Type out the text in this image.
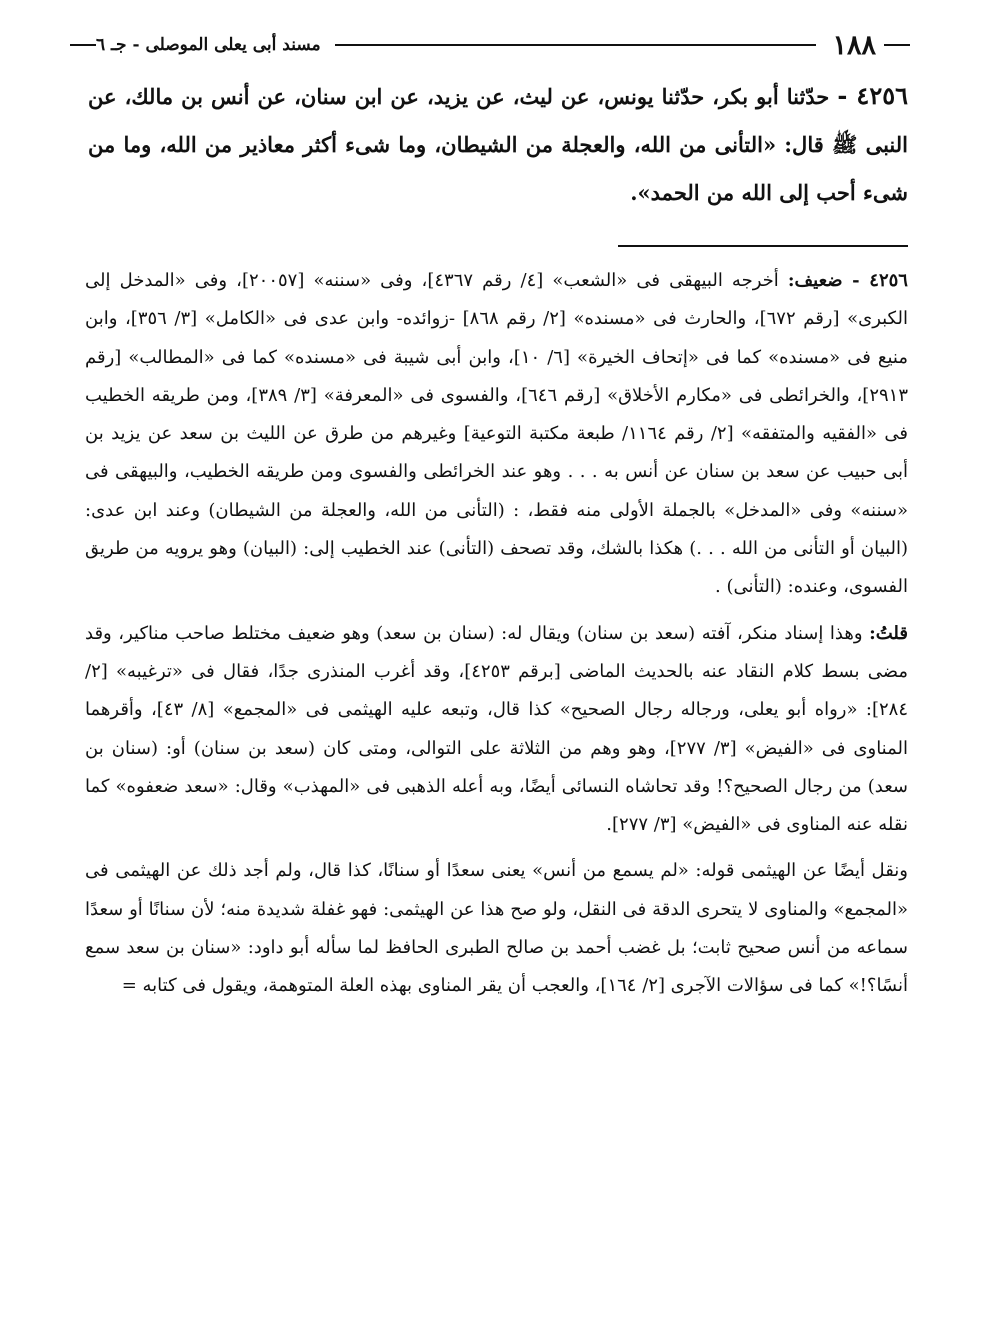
مسند أبى يعلى الموصلى - جـ ٦	١٨٨
٤٢٥٦ - حدّثنا أبو بكر، حدّثنا يونس، عن ليث، عن يزيد، عن ابن سنان، عن أنس بن مالك، عن النبى ﷺ قال: «التأنى من الله، والعجلة من الشيطان، وما شىء أكثر معاذير من الله، وما من شىء أحب إلى الله من الحمد».

٤٢٥٦ - ضعيف: أخرجه البيهقى فى «الشعب» [٤/ رقم ٤٣٦٧]، وفى «سننه» [٢٠٠٥٧]، وفى «المدخل إلى الكبرى» [رقم ٦٧٢]، والحارث فى «مسنده» [٢/ رقم ٨٦٨] -زوائده- وابن عدى فى «الكامل» [٣/ ٣٥٦]، وابن منيع فى «مسنده» كما فى «إتحاف الخيرة» [٦/ ١٠]، وابن أبى شيبة فى «مسنده» كما فى «المطالب» [رقم ٢٩١٣]، والخرائطى فى «مكارم الأخلاق» [رقم ٦٤٦]، والفسوى فى «المعرفة» [٣/ ٣٨٩]، ومن طريقه الخطيب فى «الفقيه والمتفقه» [٢/ رقم ١١٦٤/ طبعة مكتبة التوعية] وغيرهم من طرق عن الليث بن سعد عن يزيد بن أبى حبيب عن سعد بن سنان عن أنس به . . . وهو عند الخرائطى والفسوى ومن طريقه الخطيب، والبيهقى فى «سننه» وفى «المدخل» بالجملة الأولى منه فقط، : (التأنى من الله، والعجلة من الشيطان) وعند ابن عدى: (البيان أو التأنى من الله . . .) هكذا بالشك، وقد تصحف (التأنى) عند الخطيب إلى: (البيان) وهو يرويه من طريق الفسوى، وعنده: (التأنى) .

قلتُ: وهذا إسناد منكر، آفته (سعد بن سنان) ويقال له: (سنان بن سعد) وهو ضعيف مختلط صاحب مناكير، وقد مضى بسط كلام النقاد عنه بالحديث الماضى [برقم ٤٢٥٣]، وقد أغرب المنذرى جدًا، فقال فى «ترغيبه» [٢/ ٢٨٤]: «رواه أبو يعلى، ورجاله رجال الصحيح» كذا قال، وتبعه عليه الهيثمى فى «المجمع» [٨/ ٤٣]، وأقرهما المناوى فى «الفيض» [٣/ ٢٧٧]، وهو وهم من الثلاثة على التوالى، ومتى كان (سعد بن سنان) أو: (سنان بن سعد) من رجال الصحيح؟! وقد تحاشاه النسائى أيضًا، وبه أعله الذهبى فى «المهذب» وقال: «سعد ضعفوه» كما نقله عنه المناوى فى «الفيض» [٣/ ٢٧٧].

ونقل أيضًا عن الهيثمى قوله: «لم يسمع من أنس» يعنى سعدًا أو سنانًا، كذا قال، ولم أجد ذلك عن الهيثمى فى «المجمع» والمناوى لا يتحرى الدقة فى النقل، ولو صح هذا عن الهيثمى: فهو غفلة شديدة منه؛ لأن سنانًا أو سعدًا سماعه من أنس صحيح ثابت؛ بل غضب أحمد بن صالح الطبرى الحافظ لما سأله أبو داود: «سنان بن سعد سمع أنسًا؟!» كما فى سؤالات الآجرى [٢/ ١٦٤]، والعجب أن يقر المناوى بهذه العلة المتوهمة، ويقول فى كتابه =
